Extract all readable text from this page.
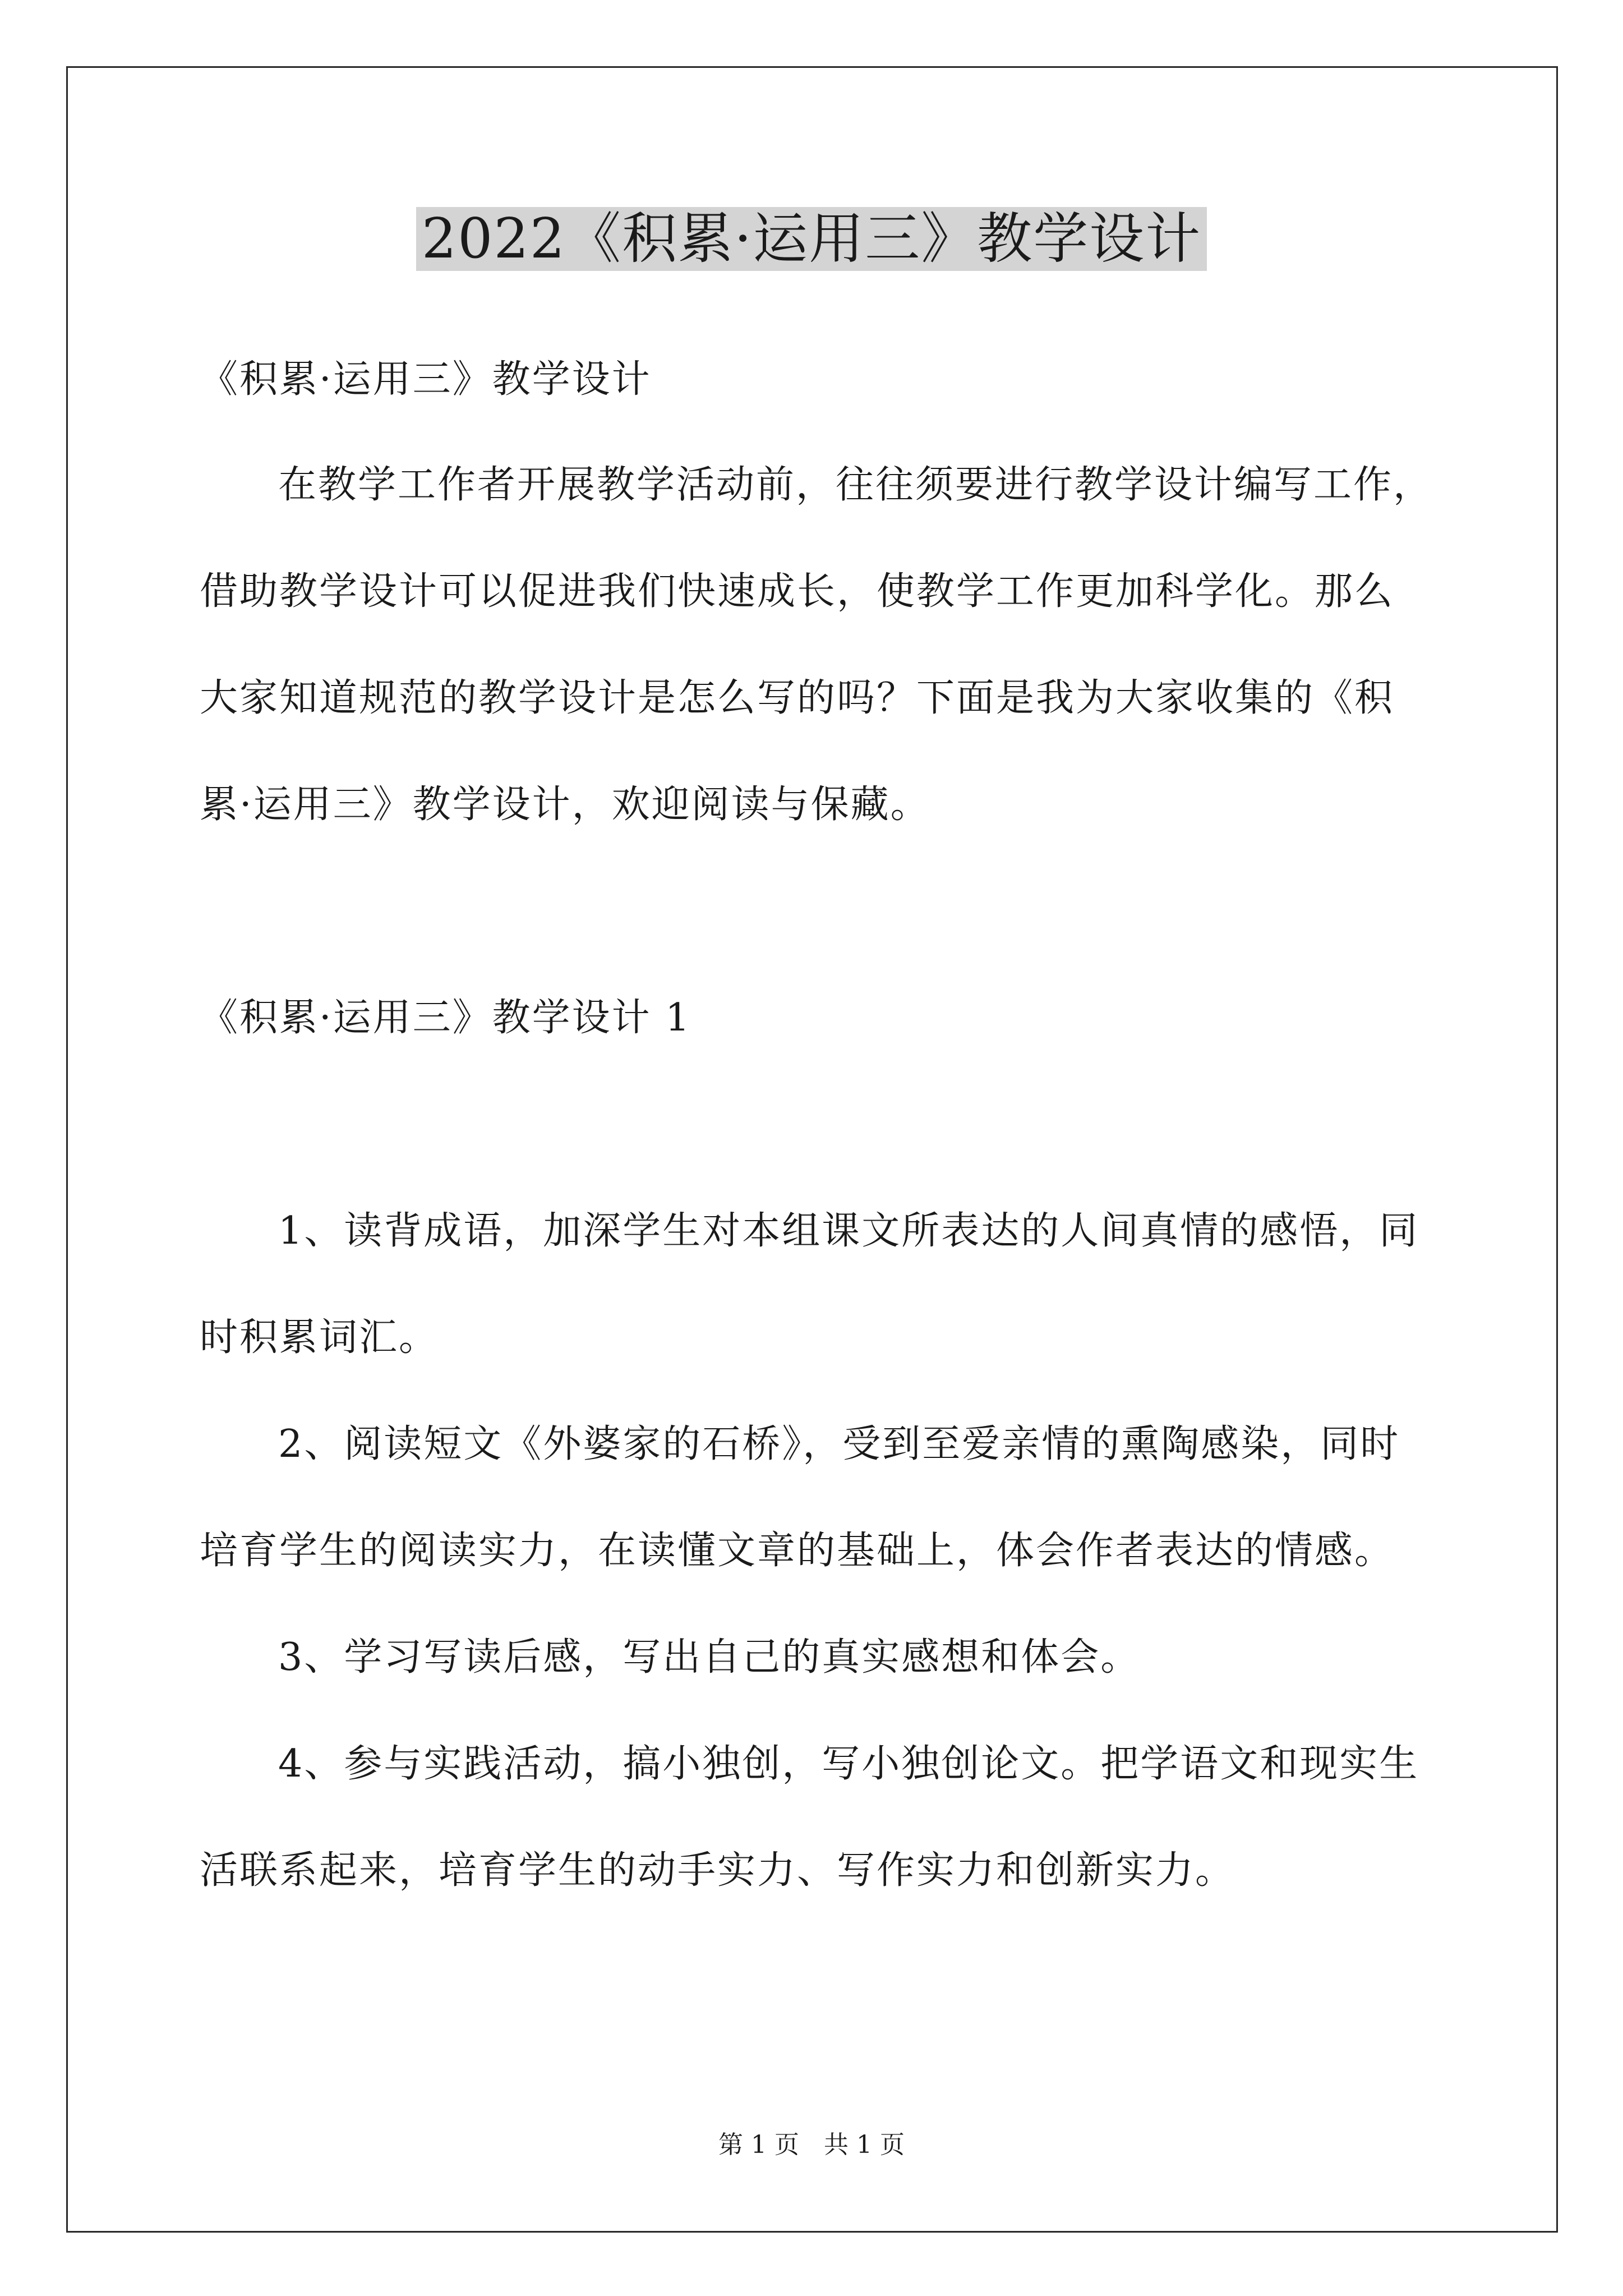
2022《积累·运用三》教学设计
《积累·运用三》教学设计
在教学工作者开展教学活动前，往往须要进行教学设计编写工作，
借助教学设计可以促进我们快速成长，使教学工作更加科学化。那么
大家知道规范的教学设计是怎么写的吗？下面是我为大家收集的《积
累·运用三》教学设计，欢迎阅读与保藏。
《积累·运用三》教学设计 1
1、读背成语，加深学生对本组课文所表达的人间真情的感悟，同
时积累词汇。
2、阅读短文《外婆家的石桥》，受到至爱亲情的熏陶感染，同时
培育学生的阅读实力，在读懂文章的基础上，体会作者表达的情感。
3、学习写读后感，写出自己的真实感想和体会。
4、参与实践活动，搞小独创，写小独创论文。把学语文和现实生
活联系起来，培育学生的动手实力、写作实力和创新实力。
第 1 页 共 1 页
